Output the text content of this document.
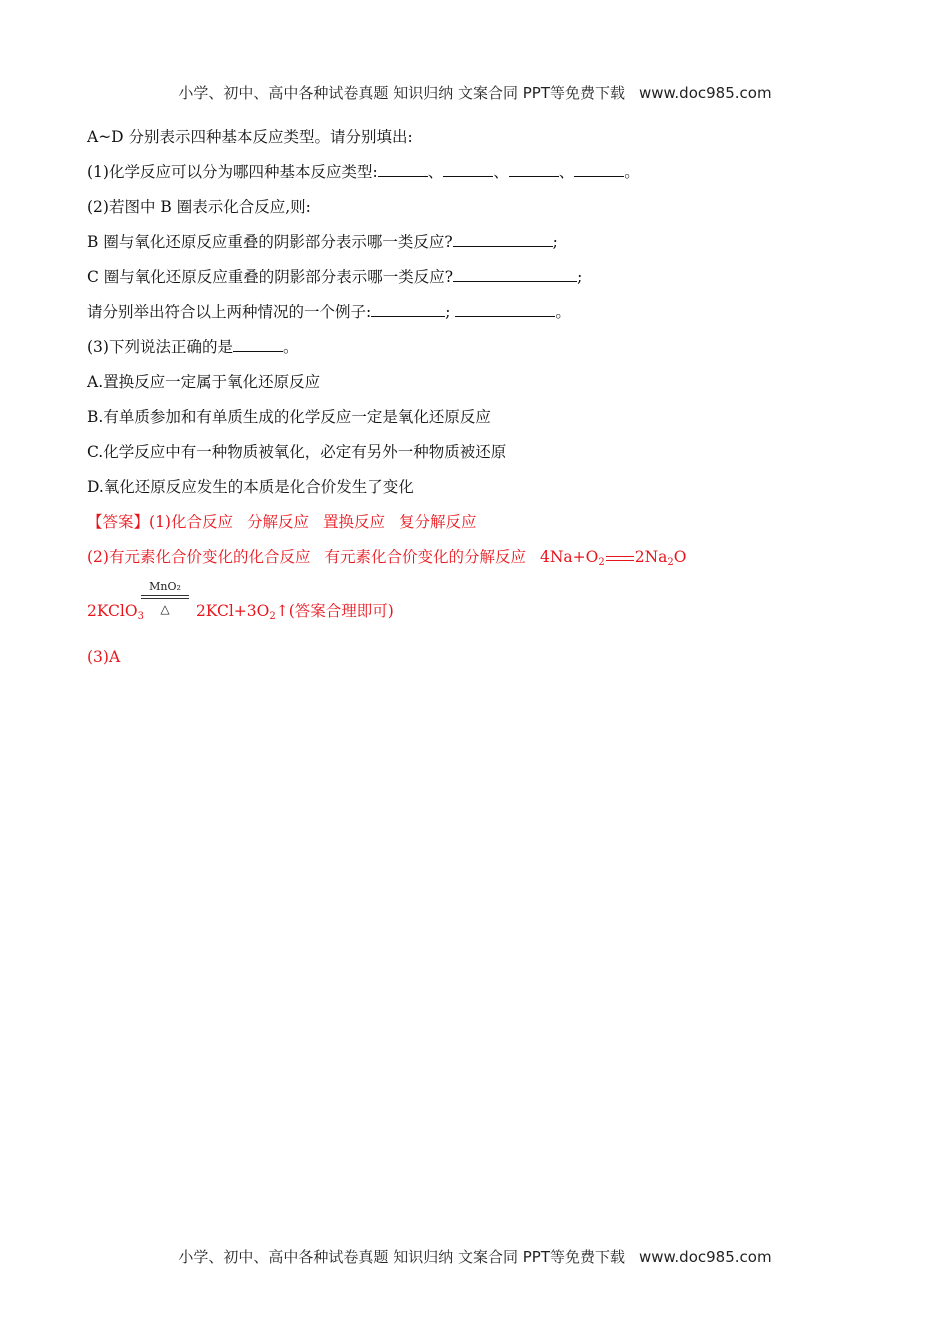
小学、初中、高中各种试卷真题 知识归纳 文案合同 PPT等免费下载 www.doc985.com
A~D 分别表示四种基本反应类型。请分别填出:
(1)化学反应可以分为哪四种基本反应类型:	、	、	、	。
(2)若图中 B 圈表示化合反应,则:
B 圈与氧化还原反应重叠的阴影部分表示哪一类反应?	;
C 圈与氧化还原反应重叠的阴影部分表示哪一类反应?	;
请分别举出符合以上两种情况的一个例子:	;	。
(3)下列说法正确的是	。
A.置换反应一定属于氧化还原反应
B.有单质参加和有单质生成的化学反应一定是氧化还原反应
C.化学反应中有一种物质被氧化，必定有另外一种物质被还原
D.氧化还原反应发生的本质是化合价发生了变化
【答案】(1)化合反应 分解反应 置换反应 复分解反应
(2)有元素化合价变化的化合反应 有元素化合价变化的分解反应 $4Na+O_2$ $2Na_2O$
MnO₂
△
2KClO$_3$	$2KCl+3O_2↑$(答案合理即可)
(3)A
小学、初中、高中各种试卷真题 知识归纳 文案合同 PPT等免费下载 www.doc985.com
